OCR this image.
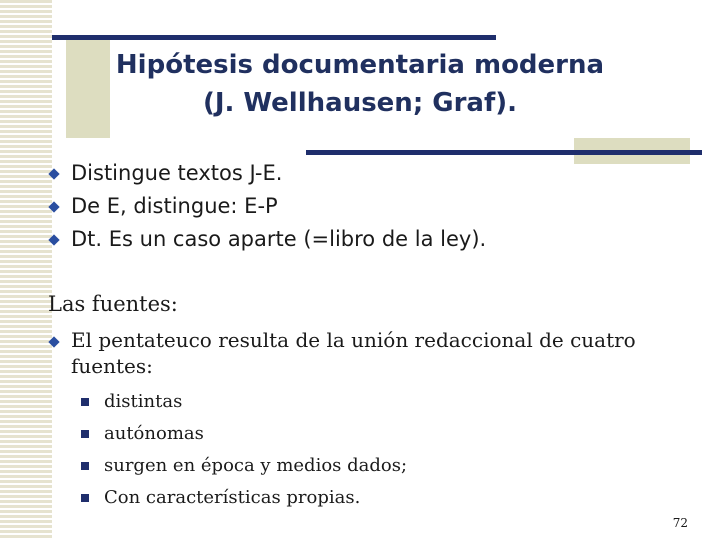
Hipótesis documentaria moderna
(J. Wellhausen; Graf).
Distingue textos J-E.
De E, distingue: E-P
Dt. Es un caso aparte (=libro de la ley).
Las fuentes:
El pentateuco resulta de la unión redaccional de cuatro fuentes:
distintas
autónomas
surgen en época y medios dados;
Con características propias.
72
